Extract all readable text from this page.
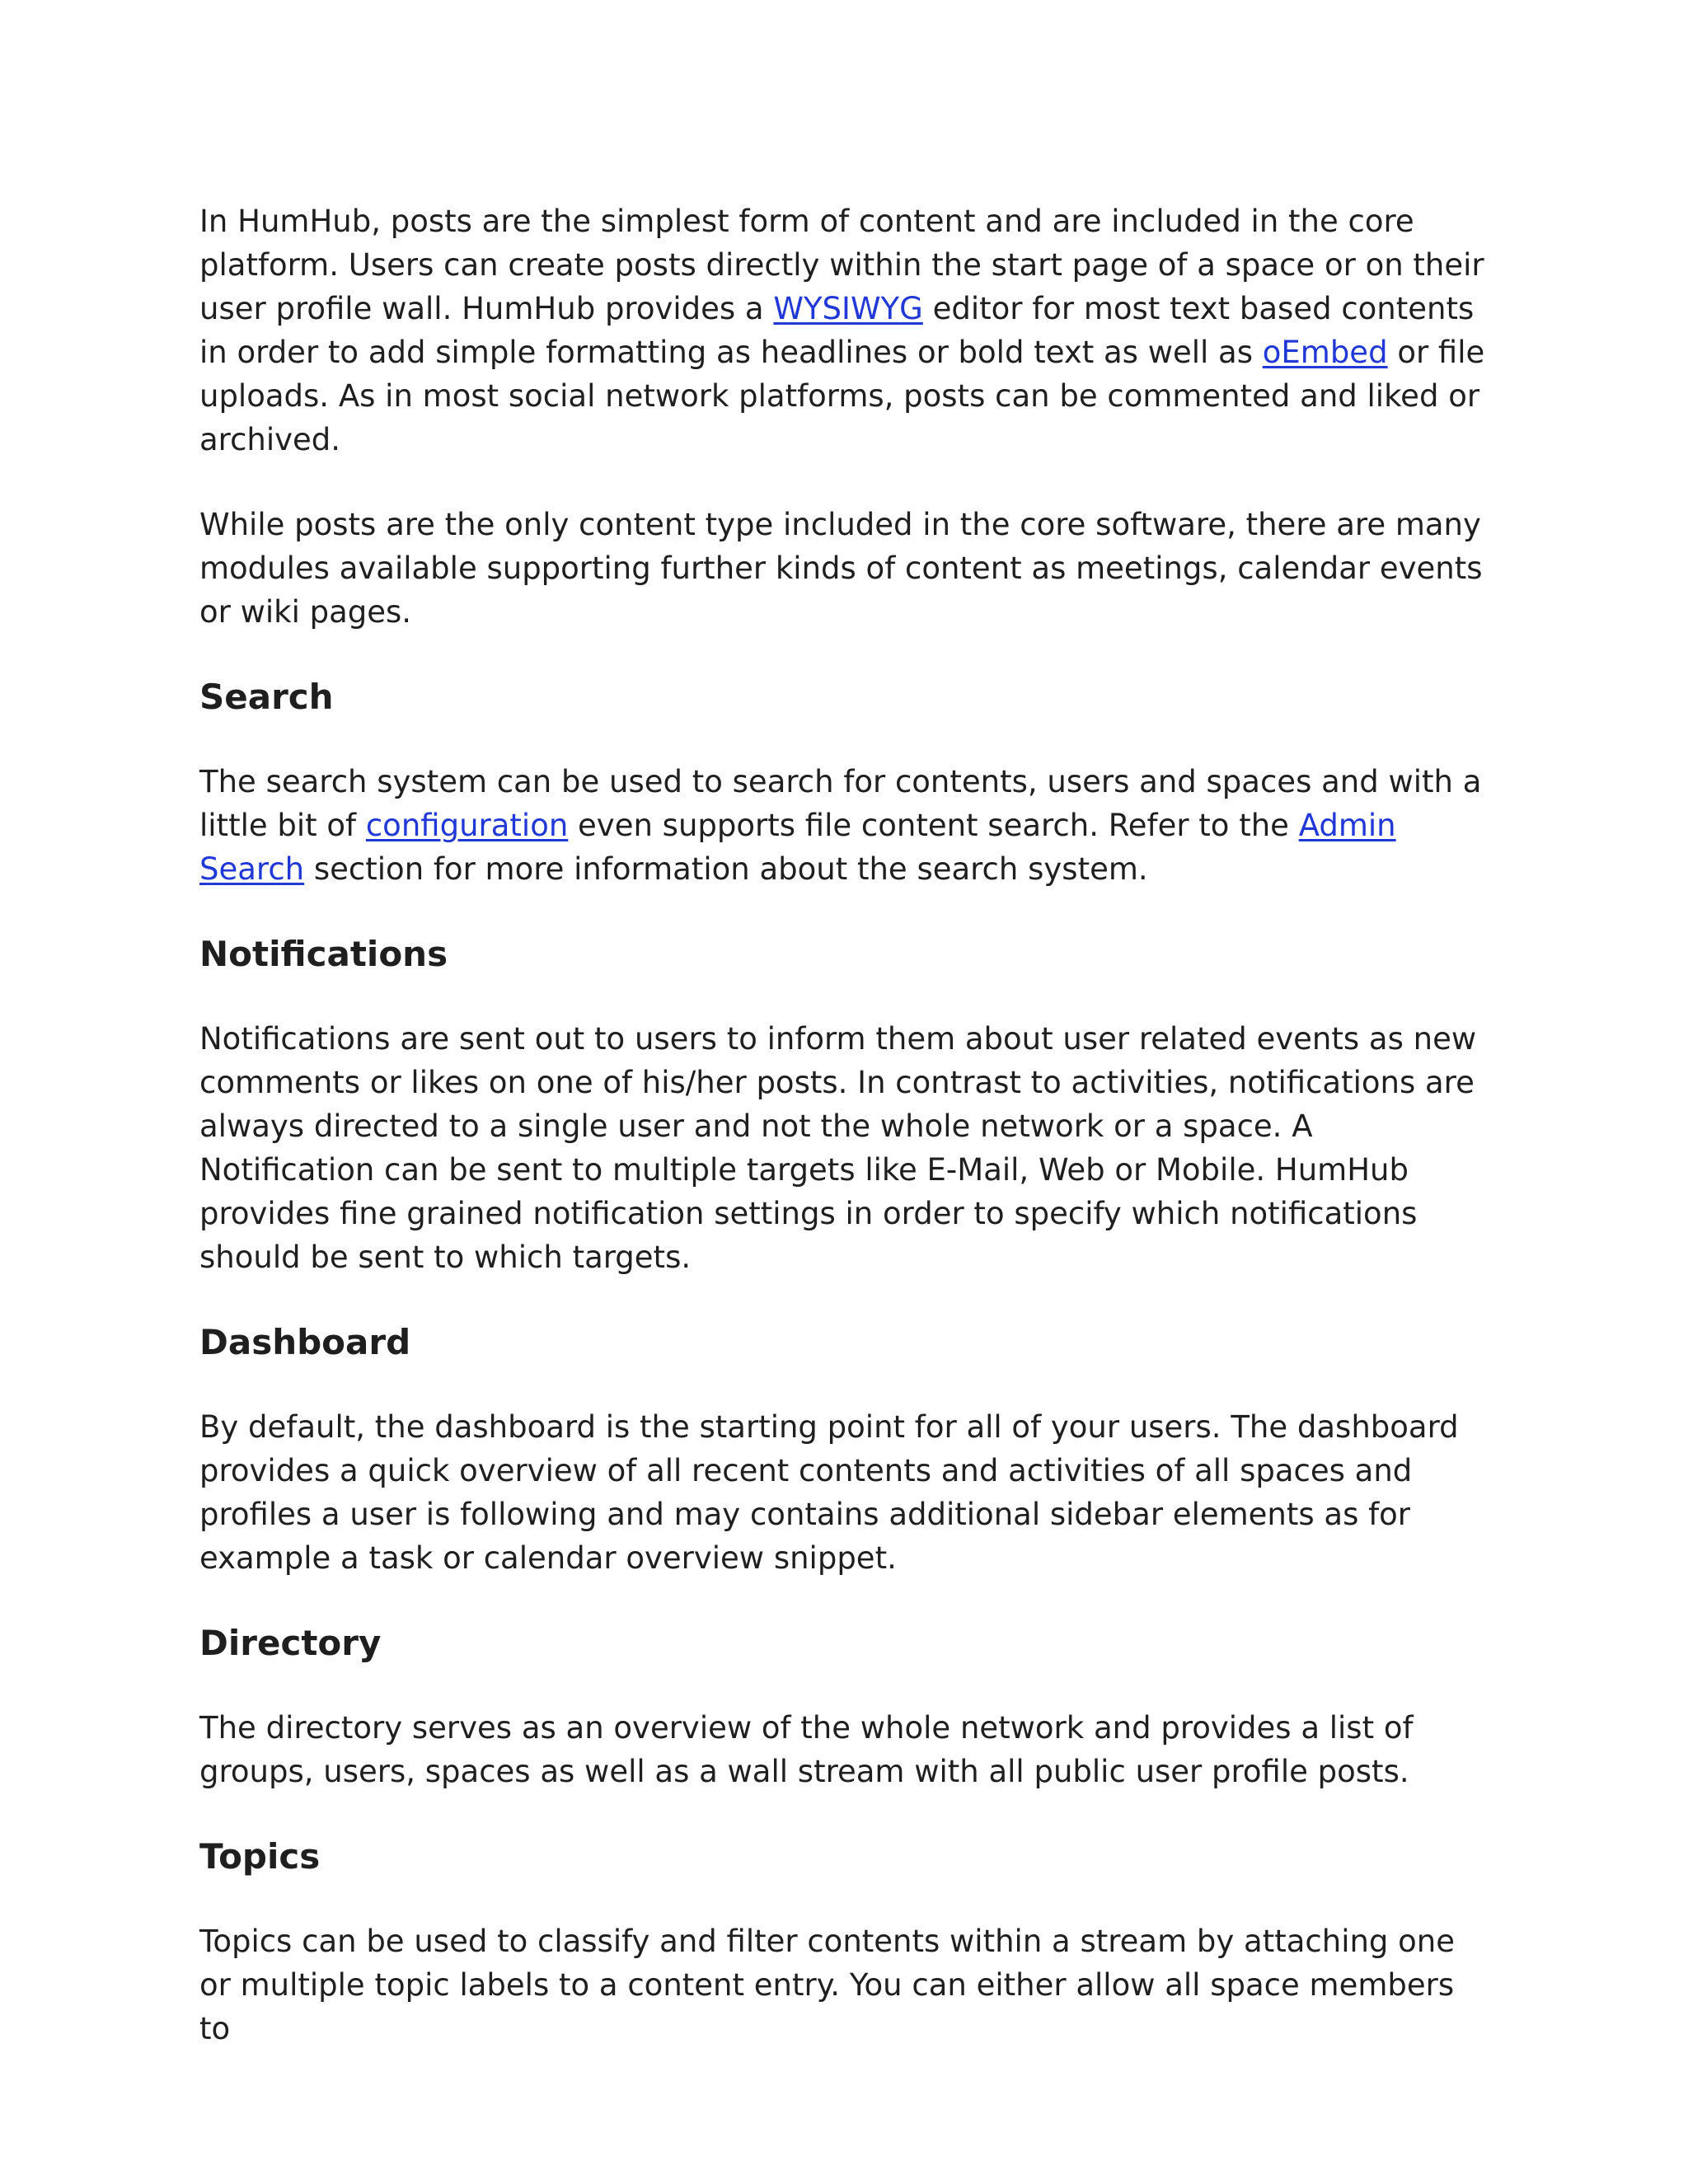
In HumHub, posts are the simplest form of content and are included in the core platform. Users can create posts directly within the start page of a space or on their user profile wall. HumHub provides a WYSIWYG editor for most text based contents in order to add simple formatting as headlines or bold text as well as oEmbed or file uploads. As in most social network platforms, posts can be commented and liked or archived.

While posts are the only content type included in the core software, there are many modules available supporting further kinds of content as meetings, calendar events or wiki pages.

Search

The search system can be used to search for contents, users and spaces and with a little bit of configuration even supports file content search. Refer to the Admin Search section for more information about the search system.

Notifications

Notifications are sent out to users to inform them about user related events as new comments or likes on one of his/her posts. In contrast to activities, notifications are always directed to a single user and not the whole network or a space. A Notification can be sent to multiple targets like E-Mail, Web or Mobile. HumHub provides fine grained notification settings in order to specify which notifications should be sent to which targets.

Dashboard

By default, the dashboard is the starting point for all of your users. The dashboard provides a quick overview of all recent contents and activities of all spaces and profiles a user is following and may contains additional sidebar elements as for example a task or calendar overview snippet.

Directory

The directory serves as an overview of the whole network and provides a list of groups, users, spaces as well as a wall stream with all public user profile posts.

Topics

Topics can be used to classify and filter contents within a stream by attaching one or multiple topic labels to a content entry. You can either allow all space members to
